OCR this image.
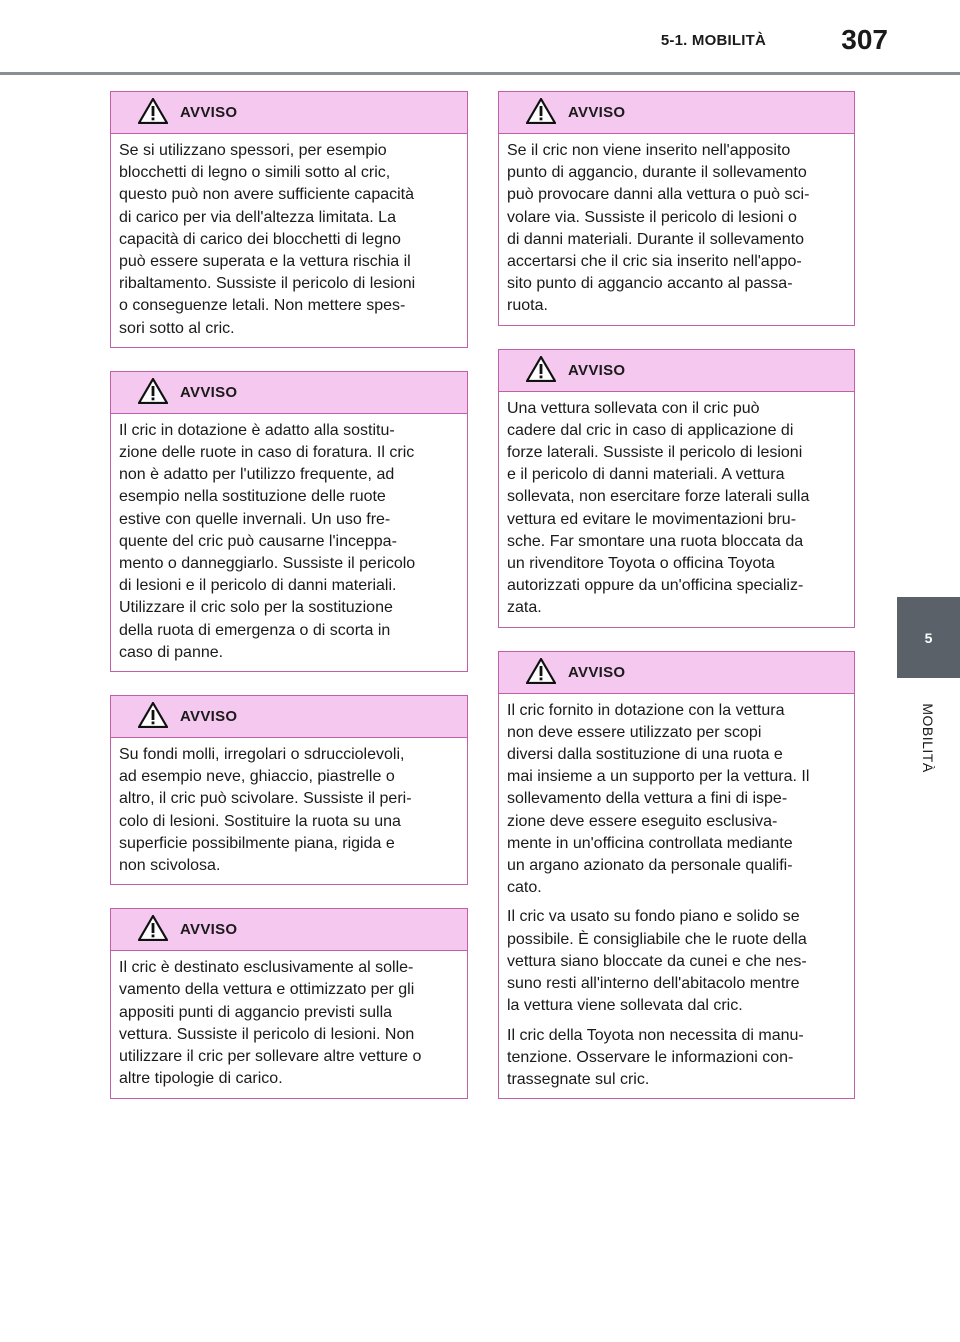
5-1. MOBILITÀ	307
5
MOBILITÀ
AVVISO

Se si utilizzano spessori, per esempio
blocchetti di legno o simili sotto al cric,
questo può non avere sufficiente capacità
di carico per via dell'altezza limitata. La
capacità di carico dei blocchetti di legno
può essere superata e la vettura rischia il
ribaltamento. Sussiste il pericolo di lesioni
o conseguenze letali. Non mettere spes-
sori sotto al cric.

AVVISO

Il cric in dotazione è adatto alla sostitu-
zione delle ruote in caso di foratura. Il cric
non è adatto per l'utilizzo frequente, ad
esempio nella sostituzione delle ruote
estive con quelle invernali. Un uso fre-
quente del cric può causarne l'inceppa-
mento o danneggiarlo. Sussiste il pericolo
di lesioni e il pericolo di danni materiali.
Utilizzare il cric solo per la sostituzione
della ruota di emergenza o di scorta in
caso di panne.

AVVISO

Su fondi molli, irregolari o sdrucciolevoli,
ad esempio neve, ghiaccio, piastrelle o
altro, il cric può scivolare. Sussiste il peri-
colo di lesioni. Sostituire la ruota su una
superficie possibilmente piana, rigida e
non scivolosa.

AVVISO

Il cric è destinato esclusivamente al solle-
vamento della vettura e ottimizzato per gli
appositi punti di aggancio previsti sulla
vettura. Sussiste il pericolo di lesioni. Non
utilizzare il cric per sollevare altre vetture o
altre tipologie di carico.

AVVISO

Se il cric non viene inserito nell'apposito
punto di aggancio, durante il sollevamento
può provocare danni alla vettura o può sci-
volare via. Sussiste il pericolo di lesioni o
di danni materiali. Durante il sollevamento
accertarsi che il cric sia inserito nell'appo-
sito punto di aggancio accanto al passa-
ruota.

AVVISO

Una vettura sollevata con il cric può
cadere dal cric in caso di applicazione di
forze laterali. Sussiste il pericolo di lesioni
e il pericolo di danni materiali. A vettura
sollevata, non esercitare forze laterali sulla
vettura ed evitare le movimentazioni bru-
sche. Far smontare una ruota bloccata da
un rivenditore Toyota o officina Toyota
autorizzati oppure da un'officina specializ-
zata.

AVVISO

Il cric fornito in dotazione con la vettura
non deve essere utilizzato per scopi
diversi dalla sostituzione di una ruota e
mai insieme a un supporto per la vettura. Il
sollevamento della vettura a fini di ispe-
zione deve essere eseguito esclusiva-
mente in un'officina controllata mediante
un argano azionato da personale qualifi-
cato.

Il cric va usato su fondo piano e solido se
possibile. È consigliabile che le ruote della
vettura siano bloccate da cunei e che nes-
suno resti all'interno dell'abitacolo mentre
la vettura viene sollevata dal cric.

Il cric della Toyota non necessita di manu-
tenzione. Osservare le informazioni con-
trassegnate sul cric.
